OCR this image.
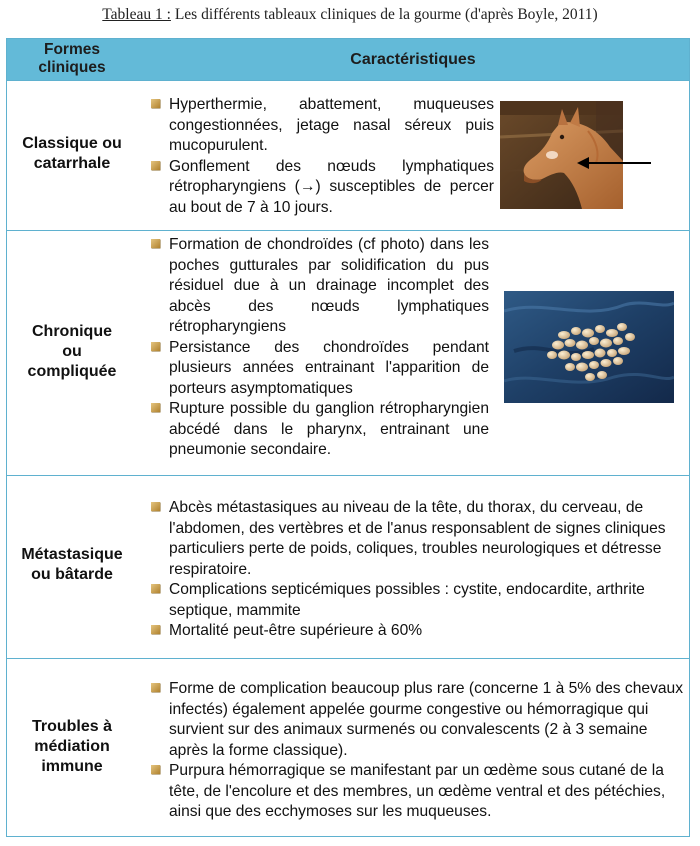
Tableau 1 : Les différents tableaux cliniques de la gourme (d'après Boyle, 2011)
Formes
cliniques	Caractéristiques
Classique ou
catarrhale
Hyperthermie, abattement, muqueuses congestionnées, jetage nasal séreux puis mucopurulent.
Gonflement des nœuds lymphatiques rétropharyngiens (→) susceptibles de percer au bout de 7 à 10 jours.
Chronique
ou
compliquée
Formation de chondroïdes (cf photo) dans les poches gutturales par solidification du pus résiduel due à un drainage incomplet des abcès des nœuds lymphatiques rétropharyngiens
Persistance des chondroïdes pendant plusieurs années entrainant l'apparition de porteurs asymptomatiques
Rupture possible du ganglion rétropharyngien abcédé dans le pharynx, entrainant une pneumonie secondaire.
Métastasique
ou bâtarde
Abcès métastasiques au niveau de la tête, du thorax, du cerveau, de l'abdomen, des vertèbres et de l'anus responsablent de signes cliniques particuliers perte de poids, coliques, troubles neurologiques et détresse respiratoire.
Complications septicémiques possibles : cystite, endocardite, arthrite septique, mammite
Mortalité peut-être supérieure à 60%
Troubles à
médiation
immune
Forme de complication beaucoup plus rare (concerne 1 à 5% des chevaux infectés) également appelée gourme congestive ou hémorragique qui survient sur des animaux surmenés ou convalescents (2 à 3 semaine après la forme classique).
Purpura hémorragique se manifestant par un œdème sous cutané de la tête, de l'encolure et des membres, un œdème ventral et des pétéchies, ainsi que des ecchymoses sur les muqueuses.
